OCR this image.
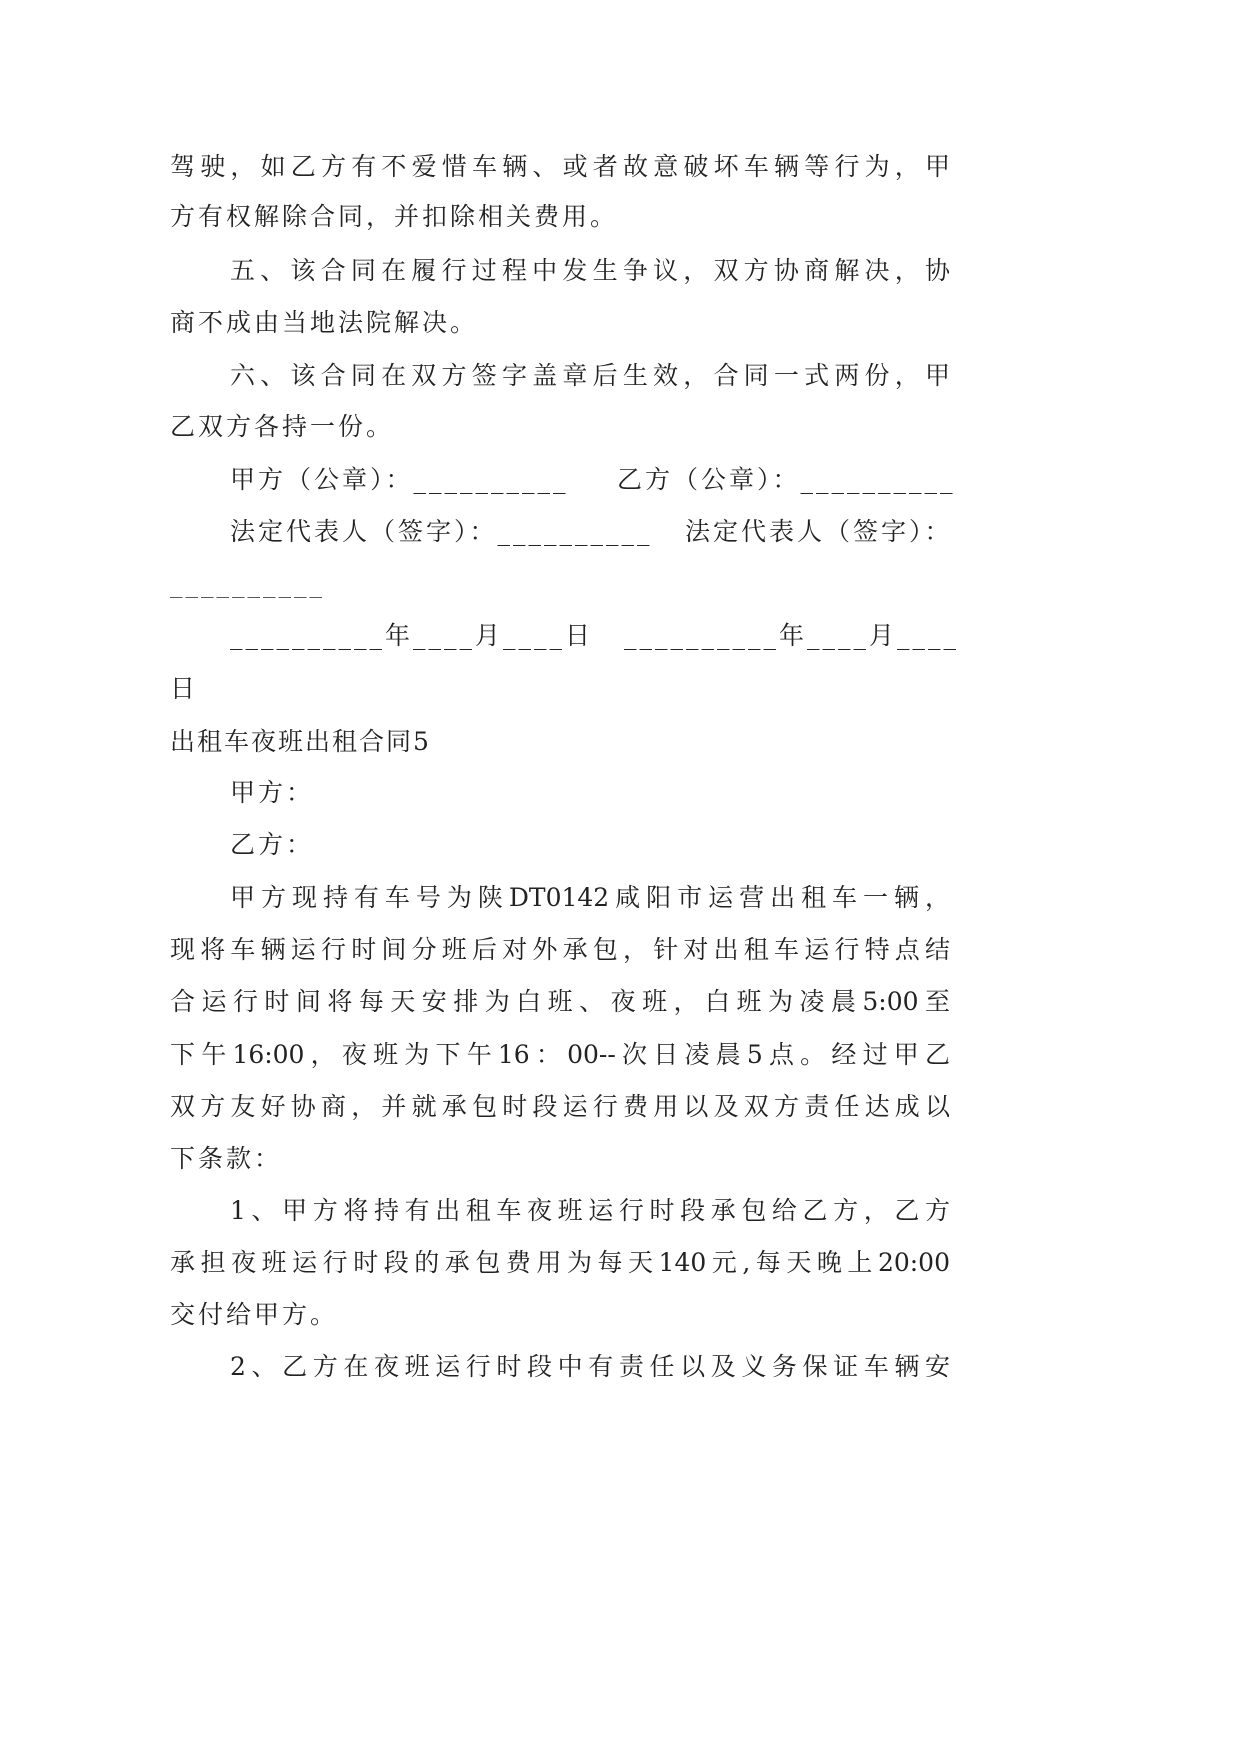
驾驶，如乙方有不爱惜车辆、或者故意破坏车辆等行为，甲
方有权解除合同，并扣除相关费用。
五、该合同在履行过程中发生争议，双方协商解决，协
商不成由当地法院解决。
六、该合同在双方签字盖章后生效，合同一式两份，甲
乙双方各持一份。
甲方（公章）：__________ 乙方（公章）：__________
法定代表人（签字）：__________ 法定代表人（签字）：
__________
__________年____月____日 __________年____月____
日
出租车夜班出租合同5
甲方：
乙方：
甲方现持有车号为陕DT0142咸阳市运营出租车一辆，
现将车辆运行时间分班后对外承包，针对出租车运行特点结
合运行时间将每天安排为白班、夜班，白班为凌晨5:00至
下午16:00，夜班为下午16：00--次日凌晨5点。经过甲乙
双方友好协商，并就承包时段运行费用以及双方责任达成以
下条款：
1、甲方将持有出租车夜班运行时段承包给乙方，乙方
承担夜班运行时段的承包费用为每天140元,每天晚上20:00
交付给甲方。
2、乙方在夜班运行时段中有责任以及义务保证车辆安
